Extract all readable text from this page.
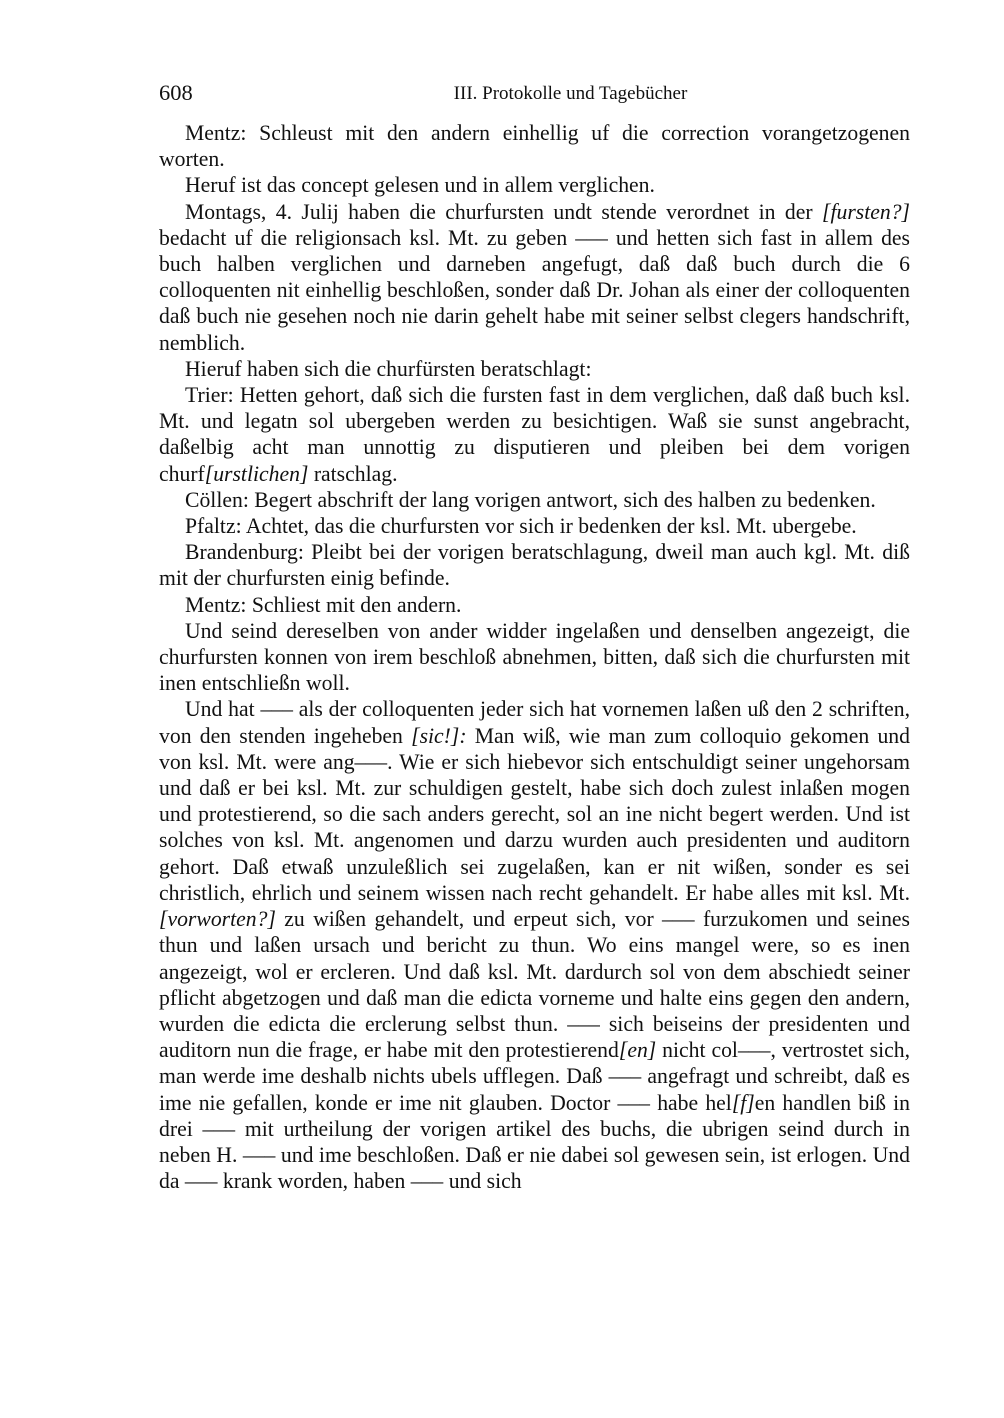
608	III. Protokolle und Tagebücher

Mentz: Schleust mit den andern einhellig uf die correction vorangetzogenen worten.

Heruf ist das concept gelesen und in allem verglichen.

Montags, 4. Julij haben die churfursten undt stende verordnet in der [fursten?] bedacht uf die religionsach ksl. Mt. zu geben ––– und hetten sich fast in allem des buch halben verglichen und darneben angefugt, daß daß buch durch die 6 colloquenten nit einhellig beschloßen, sonder daß Dr. Johan als einer der colloquenten daß buch nie gesehen noch nie darin gehelt habe mit seiner selbst clegers handschrift, nemblich.

Hieruf haben sich die churfürsten beratschlagt:

Trier: Hetten gehort, daß sich die fursten fast in dem verglichen, daß daß buch ksl. Mt. und legatn sol ubergeben werden zu besichtigen. Waß sie sunst angebracht, daßelbig acht man unnottig zu disputieren und pleiben bei dem vorigen churf[urstlichen] ratschlag.

Cöllen: Begert abschrift der lang vorigen antwort, sich des halben zu bedenken.

Pfaltz: Achtet, das die churfursten vor sich ir bedenken der ksl. Mt. ubergebe.

Brandenburg: Pleibt bei der vorigen beratschlagung, dweil man auch kgl. Mt. diß mit der churfursten einig befinde.

Mentz: Schliest mit den andern.

Und seind dereselben von ander widder ingelaßen und denselben angezeigt, die churfursten konnen von irem beschloß abnehmen, bitten, daß sich die churfursten mit inen entschließn woll.

Und hat ––– als der colloquenten jeder sich hat vornemen laßen uß den 2 schriften, von den stenden ingeheben [sic!]: Man wiß, wie man zum colloquio gekomen und von ksl. Mt. were ang–––. Wie er sich hiebevor sich entschuldigt seiner ungehorsam und daß er bei ksl. Mt. zur schuldigen gestelt, habe sich doch zulest inlaßen mogen und protestierend, so die sach anders gerecht, sol an ine nicht begert werden. Und ist solches von ksl. Mt. angenomen und darzu wurden auch presidenten und auditorn gehort. Daß etwaß unzuleßlich sei zugelaßen, kan er nit wißen, sonder es sei christlich, ehrlich und seinem wissen nach recht gehandelt. Er habe alles mit ksl. Mt. [vorworten?] zu wißen gehandelt, und erpeut sich, vor ––– furzukomen und seines thun und laßen ursach und bericht zu thun. Wo eins mangel were, so es inen angezeigt, wol er ercleren. Und daß ksl. Mt. dardurch sol von dem abschiedt seiner pflicht abgetzogen und daß man die edicta vorneme und halte eins gegen den andern, wurden die edicta die erclerung selbst thun. ––– sich beiseins der presidenten und auditorn nun die frage, er habe mit den protestierend[en] nicht col–––, vertrostet sich, man werde ime deshalb nichts ubels ufflegen. Daß ––– angefragt und schreibt, daß es ime nie gefallen, konde er ime nit glauben. Doctor ––– habe hel[f]en handlen biß in drei ––– mit urtheilung der vorigen artikel des buchs, die ubrigen seind durch in neben H. ––– und ime beschloßen. Daß er nie dabei sol gewesen sein, ist erlogen. Und da ––– krank worden, haben ––– und sich
